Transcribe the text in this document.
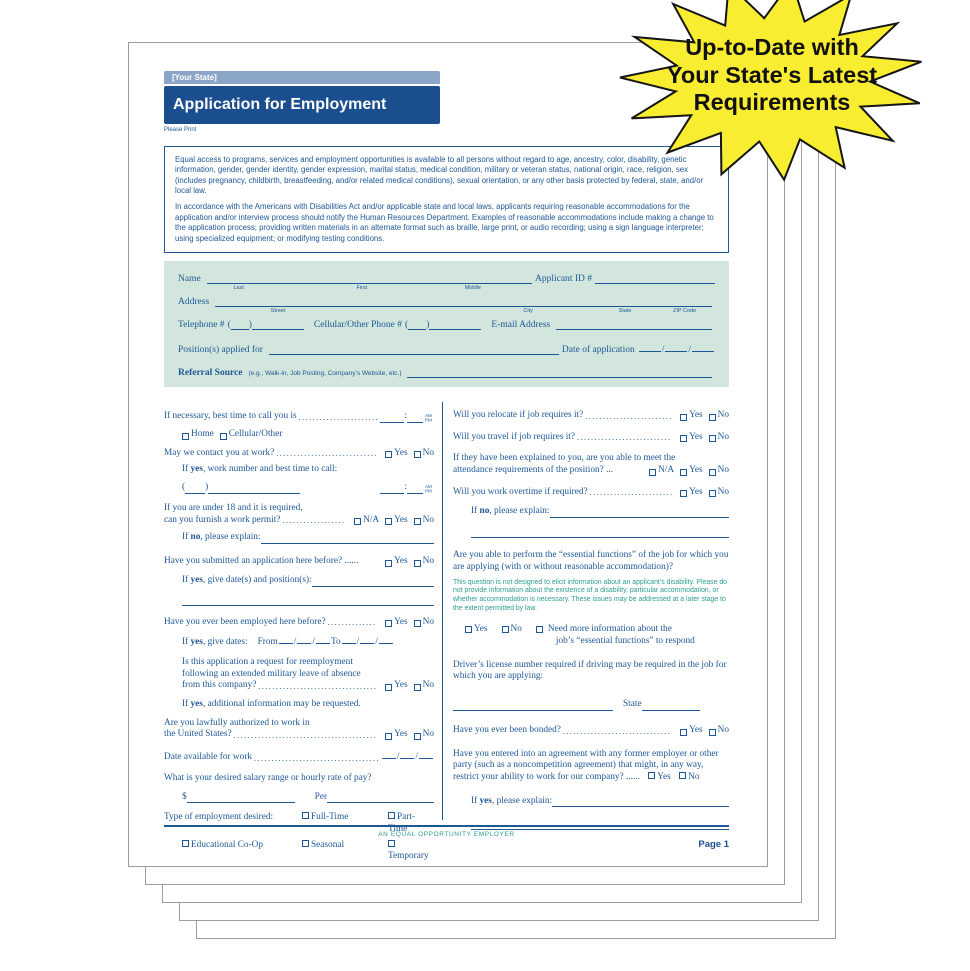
[Your State]
Application for Employment
Please Print

Equal access to programs, services and employment opportunities is available to all persons without regard to age, ancestry, color, disability, genetic information, gender, gender identity, gender expression, marital status, medical condition, military or veteran status, national origin, race, religion, sex (includes pregnancy, childbirth, breastfeeding, and/or related medical conditions), sexual orientation, or any other basis protected by federal, state, and/or local law.

In accordance with the Americans with Disabilities Act and/or applicable state and local laws, applicants requiring reasonable accommodations for the application and/or interview process should notify the Human Resources Department. Examples of reasonable accommodations include making a change to the application process; providing written materials in an alternate format such as braille, large print, or audio recording; using a sign language interpreter; using specialized equipment; or modifying testing conditions.

Name
Last	First	Middle
Applicant ID #
Address
Street	City	State	ZIP Code
Telephone # ( )	Cellular/Other Phone # ( )	E-mail Address
Position(s) applied for	Date of application	/	/
Referral Source (e.g., Walk-in, Job Posting, Company’s Website, etc.)
If necessary, best time to call you is .....	:	AM
PM
Home Cellular/Other
May we contact you at work? .....	Yes No
If yes, work number and best time to call:
( )	:	AM
PM
If you are under 18 and it is required,
can you furnish a work permit? .....	N/A Yes No
If no, please explain:
Have you submitted an application here before? ......	Yes No
If yes, give date(s) and position(s):
Have you ever been employed here before? .....	Yes No
If yes, give dates: From	/ /	To	/ /
Is this application a request for reemployment
following an extended military leave of absence
from this company? .....	Yes No
If yes, additional information may be requested.
Are you lawfully authorized to work in
the United States? .....	Yes No
Date available for work .....	/ /
What is your desired salary range or hourly rate of pay?
$	Per
Type of employment desired:	Full-Time	Part-Time
Educational Co-Op	Seasonal
Temporary
Will you relocate if job requires it? .....	Yes No
Will you travel if job requires it? .....	Yes No
If they have been explained to you, are you able to meet the
attendance requirements of the position? ...	N/A Yes No
Will you work overtime if required? .....	Yes No
If no, please explain:
Are you able to perform the “essential functions” of the job for which you are applying (with or without reasonable accommodation)?
This question is not designed to elicit information about an applicant’s disability. Please do not provide information about the existence of a disability, particular accommodation, or whether accommodation is necessary. These issues may be addressed at a later stage to the extent permitted by law.
Yes No	Need more information about the
job’s “essential functions” to respond
Driver’s license number required if driving may be required in the job for which you are applying:
State
Have you ever been bonded? .....	Yes No

Have you entered into an agreement with any former employer or other party (such as a noncompetition agreement) that might, in any way, restrict your ability to work for our company? ...... Yes No

If yes, please explain:
AN EQUAL OPPORTUNITY EMPLOYER
Page 1
Up-to-Date with
Your State's Latest
Requirements
